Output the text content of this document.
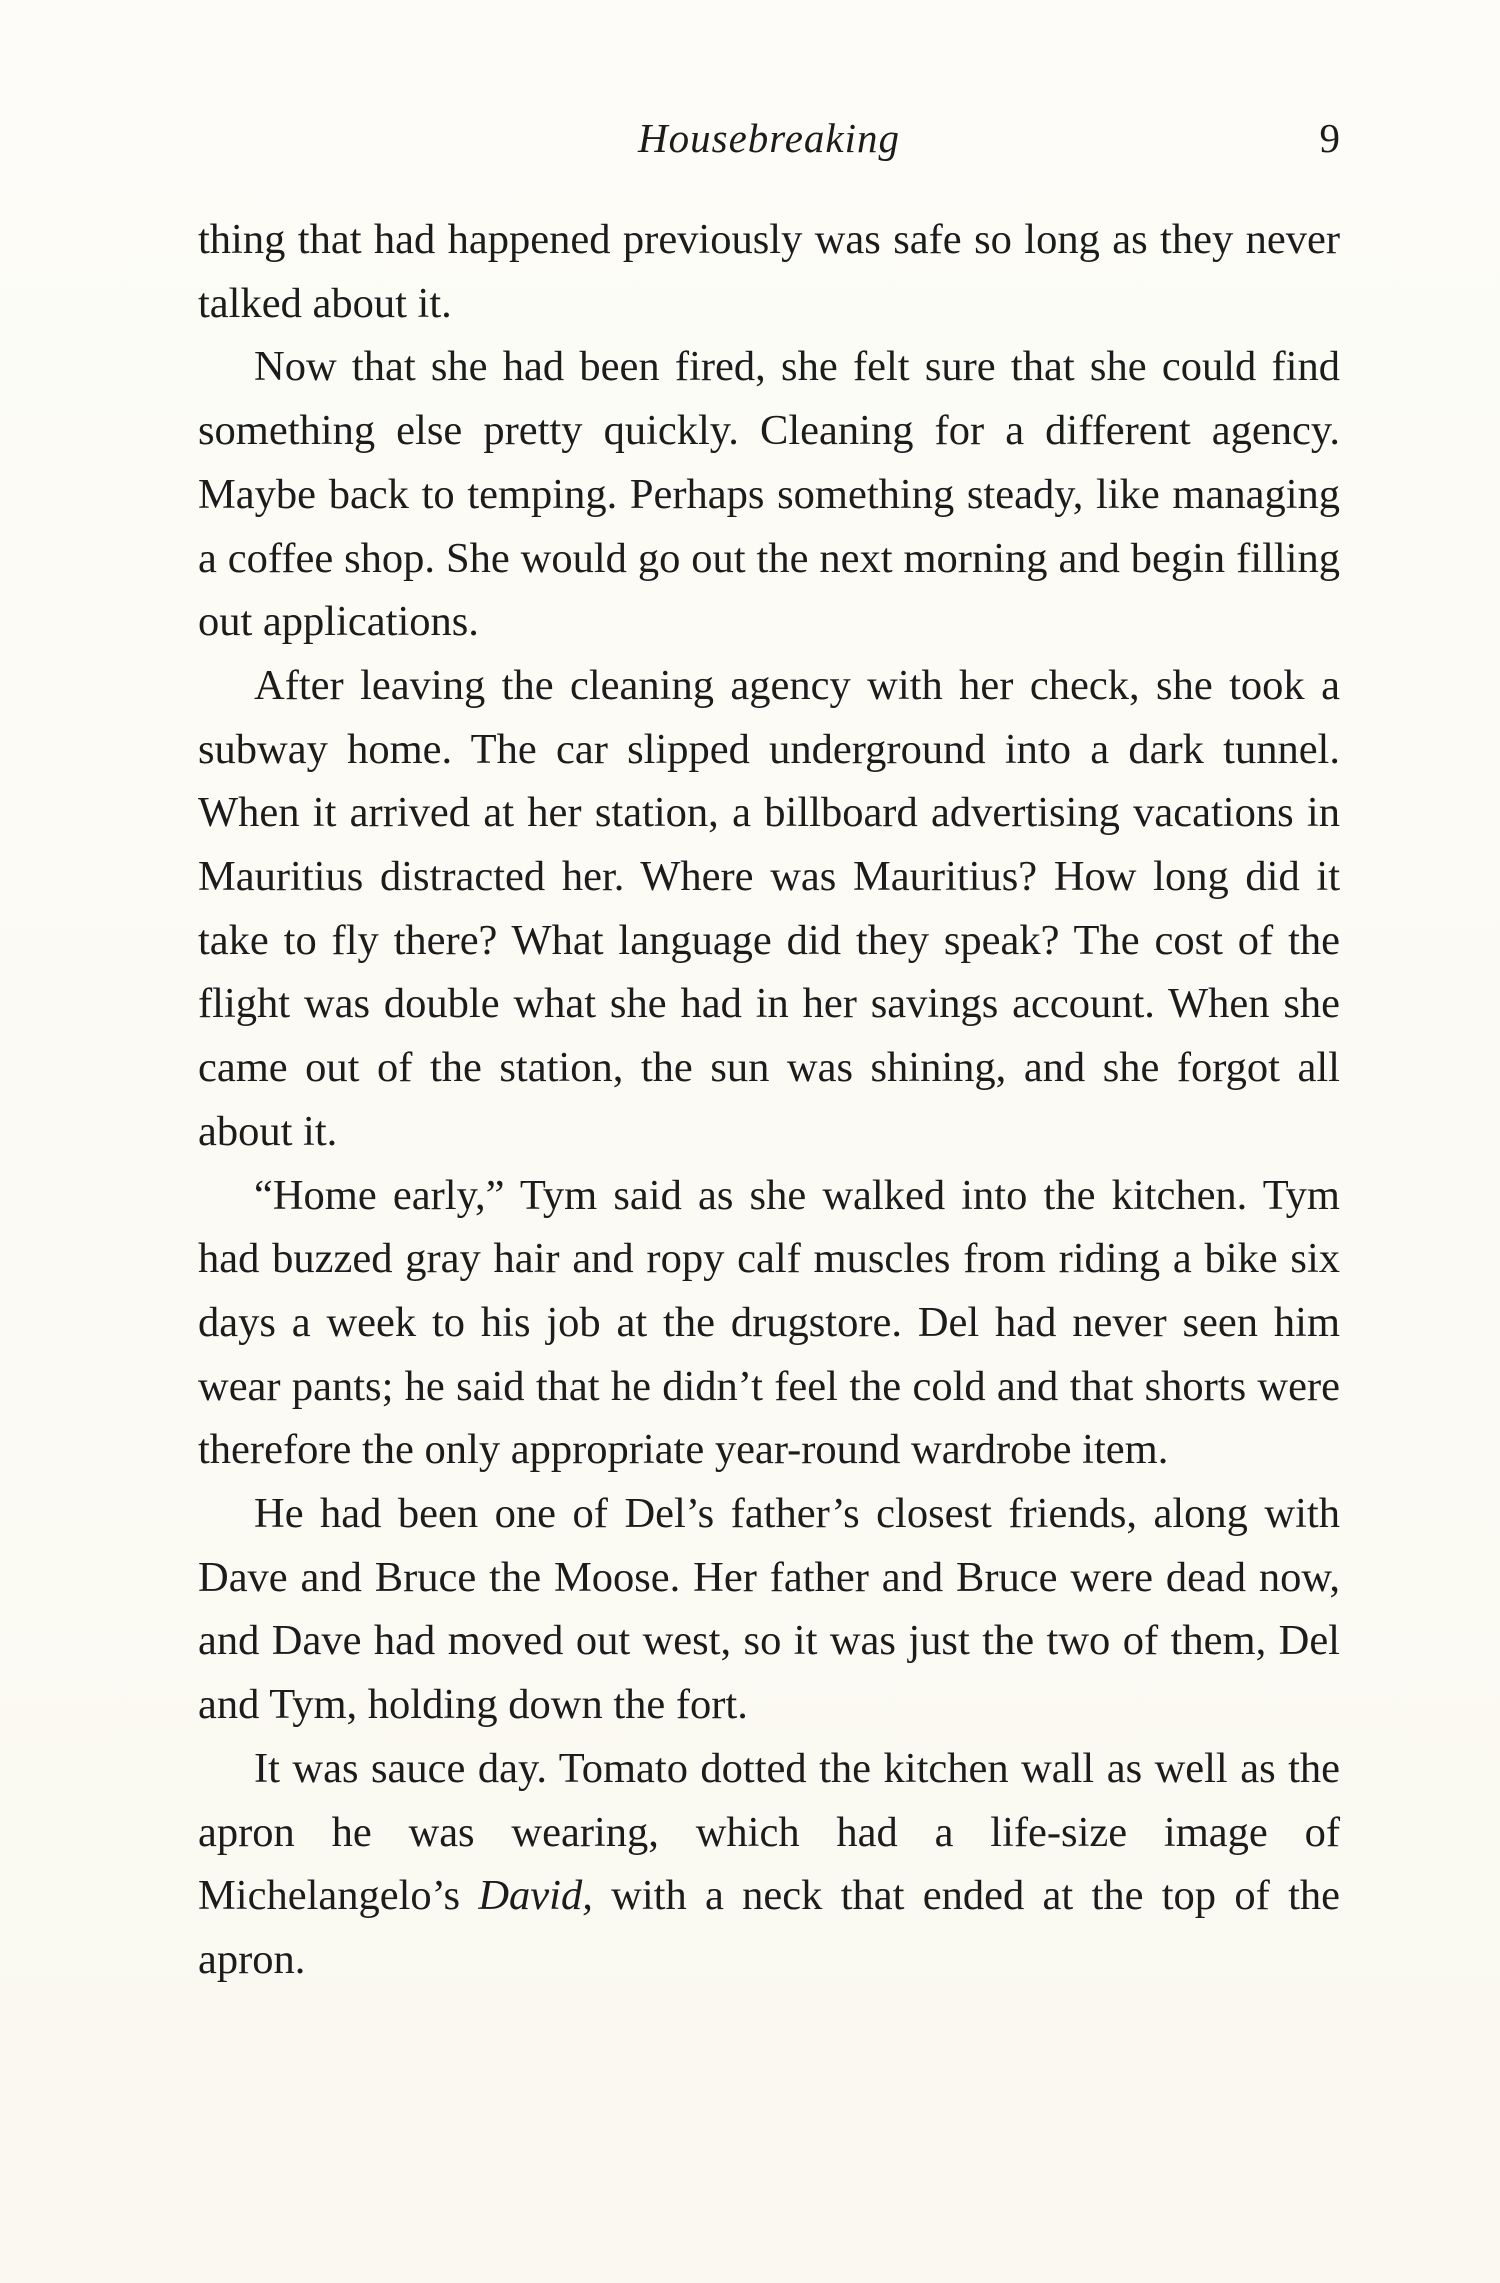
Housebreaking	9

thing that had happened previously was safe so long as they never talked about it.

Now that she had been fired, she felt sure that she could find something else pretty quickly. Cleaning for a different agency. Maybe back to temping. Perhaps something steady, like managing a coffee shop. She would go out the next morning and begin filling out applications.

After leaving the cleaning agency with her check, she took a subway home. The car slipped underground into a dark tunnel. When it arrived at her station, a billboard advertising vacations in Mauritius distracted her. Where was Mauritius? How long did it take to fly there? What language did they speak? The cost of the flight was double what she had in her savings account. When she came out of the station, the sun was shining, and she forgot all about it.

“Home early,” Tym said as she walked into the kitchen. Tym had buzzed gray hair and ropy calf muscles from riding a bike six days a week to his job at the drugstore. Del had never seen him wear pants; he said that he didn’t feel the cold and that shorts were therefore the only appropriate year-round wardrobe item.

He had been one of Del’s father’s closest friends, along with Dave and Bruce the Moose. Her father and Bruce were dead now, and Dave had moved out west, so it was just the two of them, Del and Tym, holding down the fort.

It was sauce day. Tomato dotted the kitchen wall as well as the apron he was wearing, which had a life-size image of Michelangelo’s David, with a neck that ended at the top of the apron.
